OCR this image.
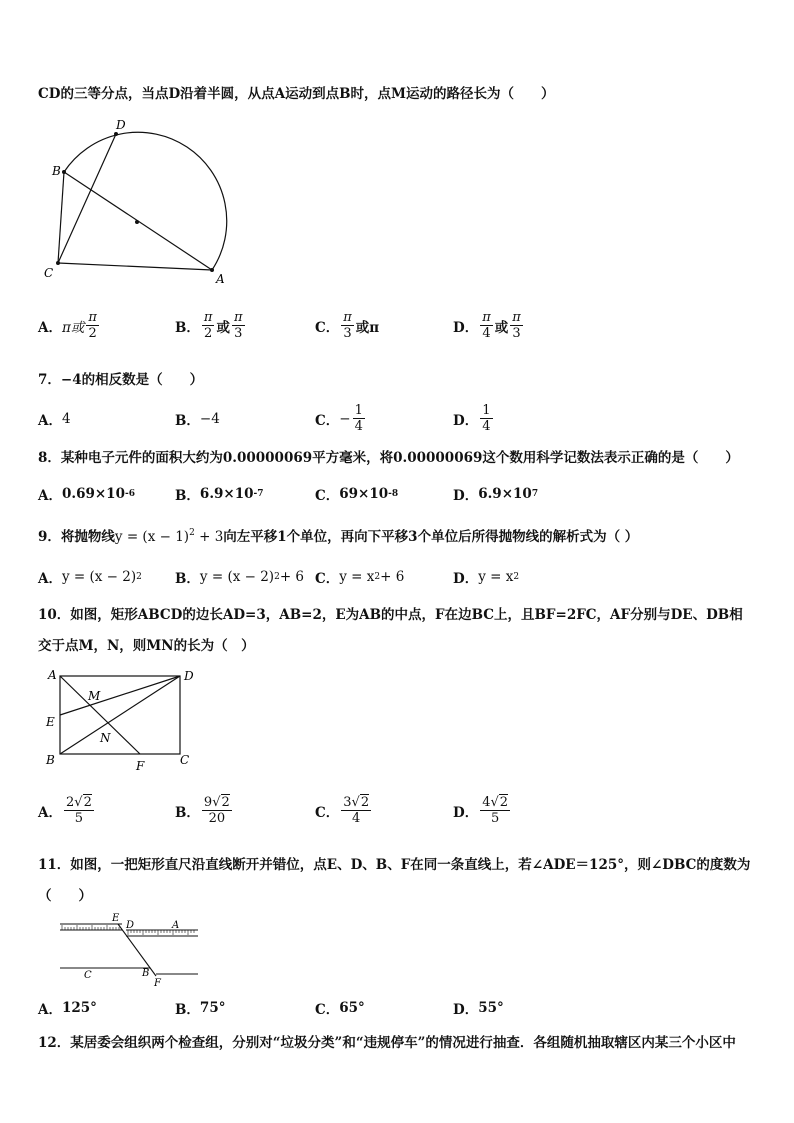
CD的三等分点，当点D沿着半圆，从点A运动到点B时，点M运动的路径长为（　　）
D
B
C	A
A． π或 $\frac{\pi}{2}$	B． $\frac{\pi}{2}$ 或 $\frac{\pi}{3}$	C． $\frac{\pi}{3}$ 或π	D． $\frac{\pi}{4}$ 或 $\frac{\pi}{3}$
7．−4的相反数是（　　）
A． 4	B． −4	C． − $\frac{1}{4}$	D． $\frac{1}{4}$
8．某种电子元件的面积大约为0.00000069平方毫米，将0.00000069这个数用科学记数法表示正确的是（　　）
A． 0.69×10 -6	B． 6.9×10 -7	C． 69×10 -8	D． 6.9×10 7
9．将抛物线$y = (x - 1)^2 + 3$向左平移1个单位，再向下平移3个单位后所得抛物线的解析式为（ ）
A． y = (x − 2) 2 B． y = (x − 2) 2 + 6 C． y = x 2 + 6	D． y = x 2
10．如图，矩形ABCD的边长AD=3，AB=2，E为AB的中点，F在边BC上，且BF=2FC，AF分别与DE、DB相
交于点M，N，则MN的长为（　）
A	D
M
E
N
B	F	C
A． $\frac{2√2}{5}$	B． $\frac{9√2}{20}$	C． $\frac{3√2}{4}$	D． $\frac{4√2}{5}$
11．如图，一把矩形直尺沿直线断开并错位，点E、D、B、F在同一条直线上，若∠ADE＝125°，则∠DBC的度数为
（　　）
E
D	A
C	B
F
A． 125°	B． 75°	C． 65°	D． 55°
12．某居委会组织两个检查组，分别对“垃圾分类”和“违规停车”的情况进行抽查．各组随机抽取辖区内某三个小区中
